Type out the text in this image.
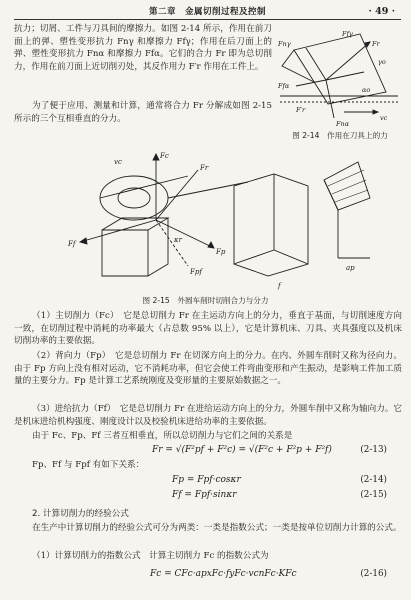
第二章　金属切削过程及控制	· 49 ·
抗力；切屑、工件与刀具间的摩擦力。如图 2-14 所示，作用在前刀面上的弹、塑性变形抗力 Fnγ 和摩擦力 Ffγ；作用在后刀面上的弹、塑性变形抗力 Fnα 和摩擦力 Ffα。它们的合力 Fr 即为总切削力，作用在前刀面上近切削刃处，其反作用力 F′r 作用在工件上。
Ffγ
Fnγ	Fr
γo
Fnα
Ffα
vc
F′r
αo
为了便于应用、测量和计算，通常将合力 Fr 分解成如图 2-15 所示的三个互相垂直的分力。
图 2-14　作用在刀具上的力
Fc
vc
Fp
Ff
Fr
Fpf
κr
f
ap
图 2-15　外圆车削时切削合力与分力
（1）主切削力（Fc）　它是总切削力 Fr 在主运动方向上的分力，垂直于基面，与切削速度方向一致，在切削过程中消耗的功率最大（占总数 95% 以上），它是计算机床、刀具、夹具强度以及机床切削功率的主要依据。
（2）背向力（Fp）　它是总切削力 Fr 在切深方向上的分力。在内、外圆车削时又称为径向力。由于 Fp 方向上没有相对运动，它不消耗功率，但它会使工件弯曲变形和产生振动，是影响工件加工质量的主要分力。Fp 是计算工艺系统刚度及变形量的主要原始数据之一。
（3）进给抗力（Ff）　它是总切削力 Fr 在进给运动方向上的分力，外圆车削中又称为轴向力。它是机床进给机构强度、刚度设计以及校验机床进给功率的主要依据。
由于 Fc、Fp、Ff 三者互相垂直，所以总切削力与它们之间的关系是
Fr = √(F²pf + F²c) = √(F²c + F²p + F²f)	(2-13)
Fp、Ff 与 Fpf 有如下关系：
Fp = Fpf·cosκr	(2-14)
Ff = Fpf·sinκr	(2-15)
2. 计算切削力的经验公式
在生产中计算切削力的经验公式可分为两类：一类是指数公式；一类是按单位切削力计算的公式。
（1）计算切削力的指数公式　计算主切削力 Fc 的指数公式为
Fc = CFc·apxFc·fyFc·vcnFc·KFc	(2-16)
